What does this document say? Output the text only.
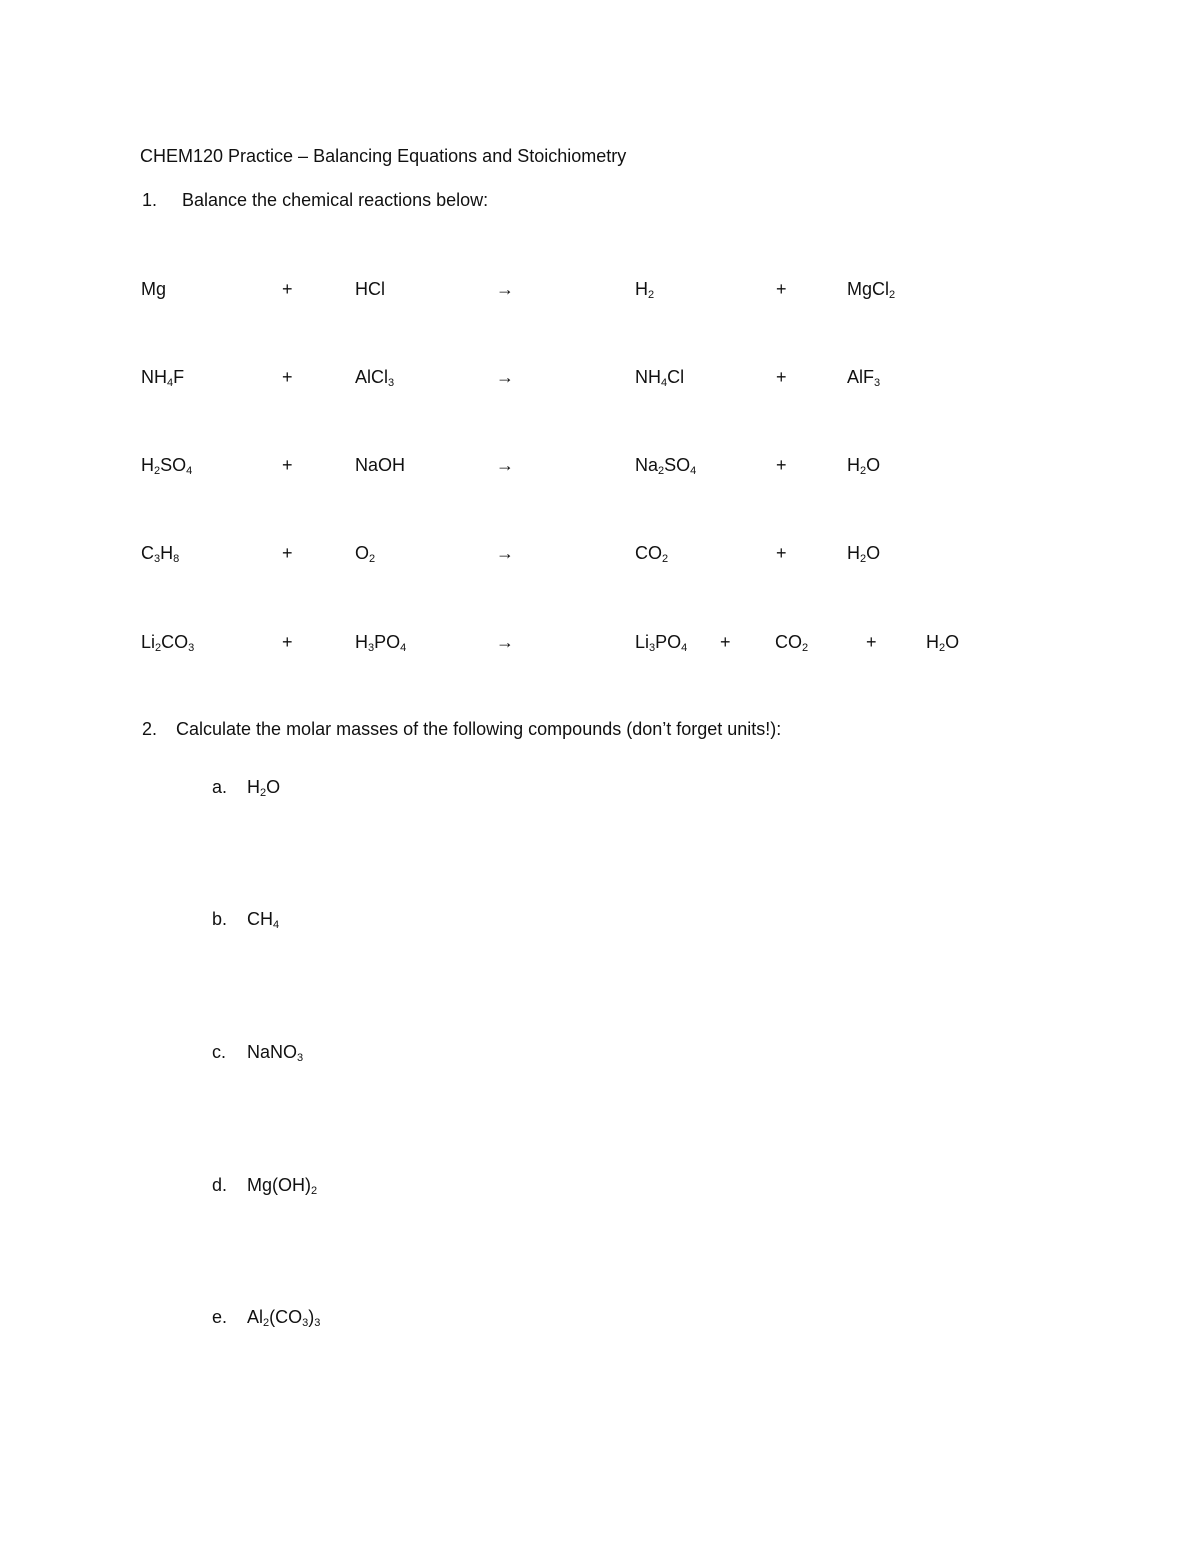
CHEM120 Practice – Balancing Equations and Stoichiometry
1. Balance the chemical reactions below:
2. Calculate the molar masses of the following compounds (don’t forget units!):
Mg	+	HCl	→	$H_2$	+	MgCl$_2$
$NH_4F$	+	AlCl$_3$	→	$NH_4Cl$	+	AlF$_3$
$H_2SO_4$	+	NaOH	→	$Na_2SO_4$	+	$H_2O$
$C_3H_8$	+	$O_2$	→	$CO_2$	+	$H_2O$
$Li_2CO_3$	+	$H_3PO_4$	→	$Li_3PO_4 + CO_2$	+	$H_2O$
a. $H_2O$
b. $CH_4$
c. NaNO$_3$
d. $Mg(OH)_2$
e. $Al_2(CO_3)_3$
